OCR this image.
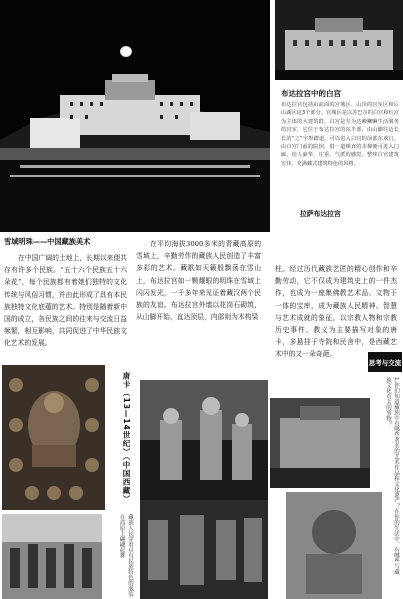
布达拉宫中的白宫
布达拉宫包括由前面的宫城区、山顶的宫室区和后山湖区这3个部分。宫城区是以苏巴尔的白宫和红宫为主体的大建筑群。白宫是专为达赖喇嘛生活服务的宫室，它位于布达拉宫的东半部，由山脚往边长长的“之”字形踏道，可以进入白宫的前部东欢门。由白宫门前的院坝，借一道梯直的木梯便可进入门廊，给人豪华、庄重、气派的感觉。整座白宫建筑宏伟，充满藏式建筑特色的风格。
拉萨布达拉宫
雪域明珠——中国藏族美术

在中国广阔的土地上，长期以来便共存有许多个民族。“五十六个民族五十六朵花”，每个民族都有着她们独特的文化传统与风俗习惯，并由此形成了具有本民族独特文化底蕴的艺术。特别是随着新中国的成立，各民族之间的往来与交流日益频繁，相互影响，共同促进了中华民族文化艺术的发展。

在平均海拔3000多米的青藏高原的雪域上，辛勤劳作的藏族人民创造了丰富多彩的艺术。藏歌如天籁般飘荡在雪山上，布达拉宫如一颗耀眼的明珠在雪域上闪闪发光，一千多年来见证着藏汉两个民族的友谊。布达拉宫外墙以花岗石砌筑，从山脚开始，直达顶层，内部则为木构梁

柱。经过历代藏族艺匠的精心创作和辛勤劳动，它不仅成为建筑史上的一件杰作，也成为一座集佛教艺术品、文物于一体的宝库，成为藏族人民精神、智慧与艺术成就的象征。以宗教人物和宗教历史事件、教义为主要描写对象的唐卡，多悬挂于寺院和民舍中，是西藏艺术中的又一朵奇葩。

唐卡（13—14世纪）（中国西藏）
藏族人民穿着具有民族特色的服装在高原上翩翩起舞
思考与交流
1.你们知道藏族中有哪些著名的艺术作品和文化遗产？在你的生活中，有哪些与藏族文化有关的事物？
